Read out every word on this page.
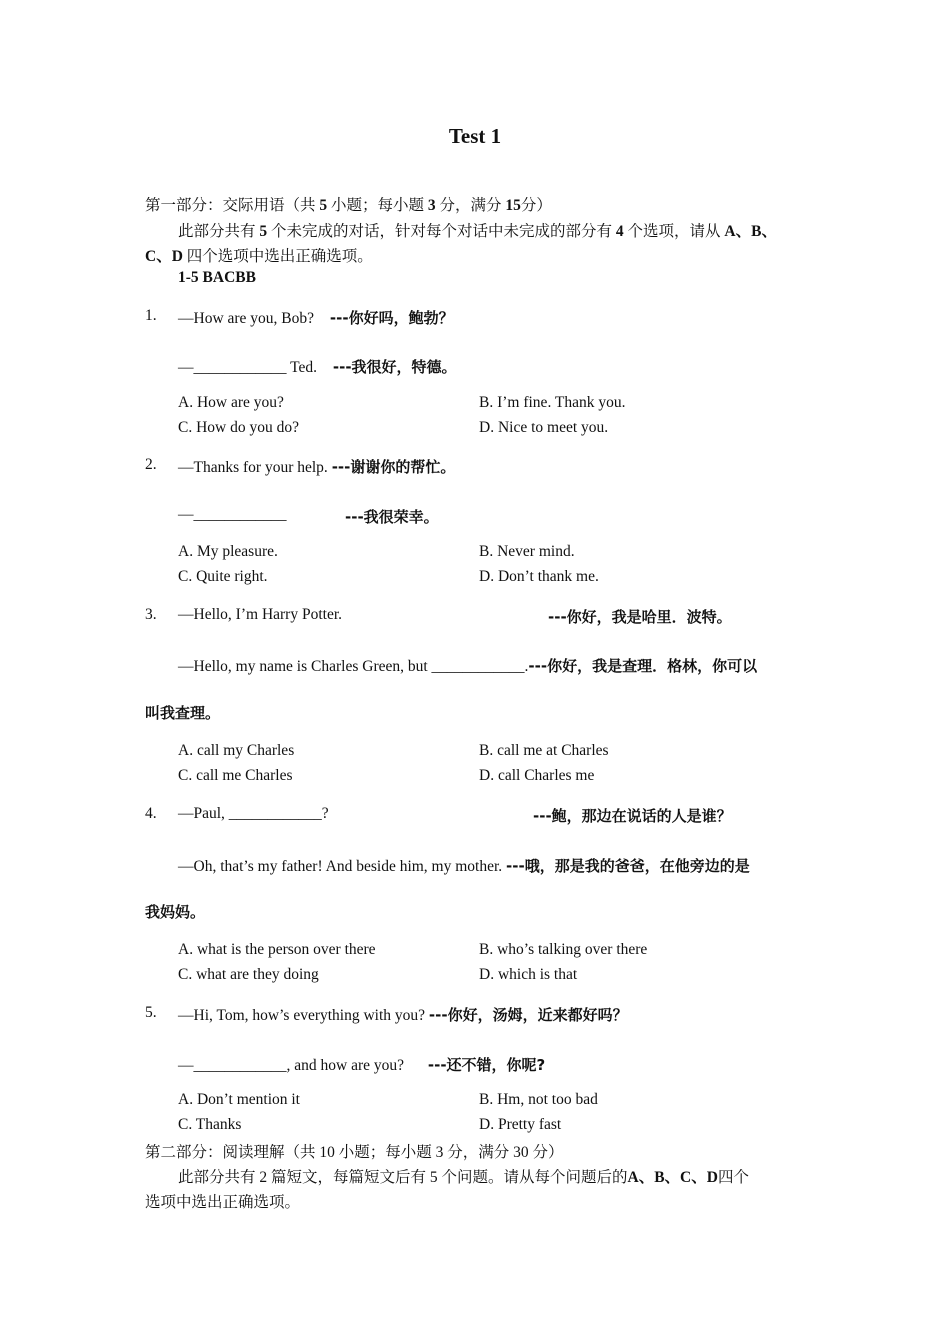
Test 1
第一部分：交际用语（共 5 小题；每小题 3 分，满分 15分）
此部分共有 5 个未完成的对话，针对每个对话中未完成的部分有 4 个选项，请从 A、B、
C、D 四个选项中选出正确选项。
1-5 BACBB
1. —How are you, Bob? ---你好吗，鲍勃？
—____________ Ted. ---我很好，特德。
A. How are you?	B. I’m fine. Thank you.
C. How do you do?	D. Nice to meet you.
2. —Thanks for your help. ---谢谢你的帮忙。
—____________	---我很荣幸。
A. My pleasure.	B. Never mind.
C. Quite right.	D. Don’t thank me.
3. —Hello, I’m Harry Potter.	---你好，我是哈里．波特。
—Hello, my name is Charles Green, but ____________.---你好，我是查理．格林，你可以
叫我查理。
A. call my Charles	B. call me at Charles
C. call me Charles	D. call Charles me
4. —Paul, ____________?	---鲍，那边在说话的人是谁？
—Oh, that’s my father! And beside him, my mother. ---哦，那是我的爸爸，在他旁边的是
我妈妈。
A. what is the person over there	B. who’s talking over there
C. what are they doing	D. which is that
5. —Hi, Tom, how’s everything with you? ---你好，汤姆，近来都好吗？
—____________, and how are you? ---还不错，你呢?
A. Don’t mention it	B. Hm, not too bad
C. Thanks	D. Pretty fast
第二部分：阅读理解（共 10 小题；每小题 3 分，满分 30 分）
此部分共有 2 篇短文，每篇短文后有 5 个问题。请从每个问题后的A、B、C、D四个
选项中选出正确选项。
